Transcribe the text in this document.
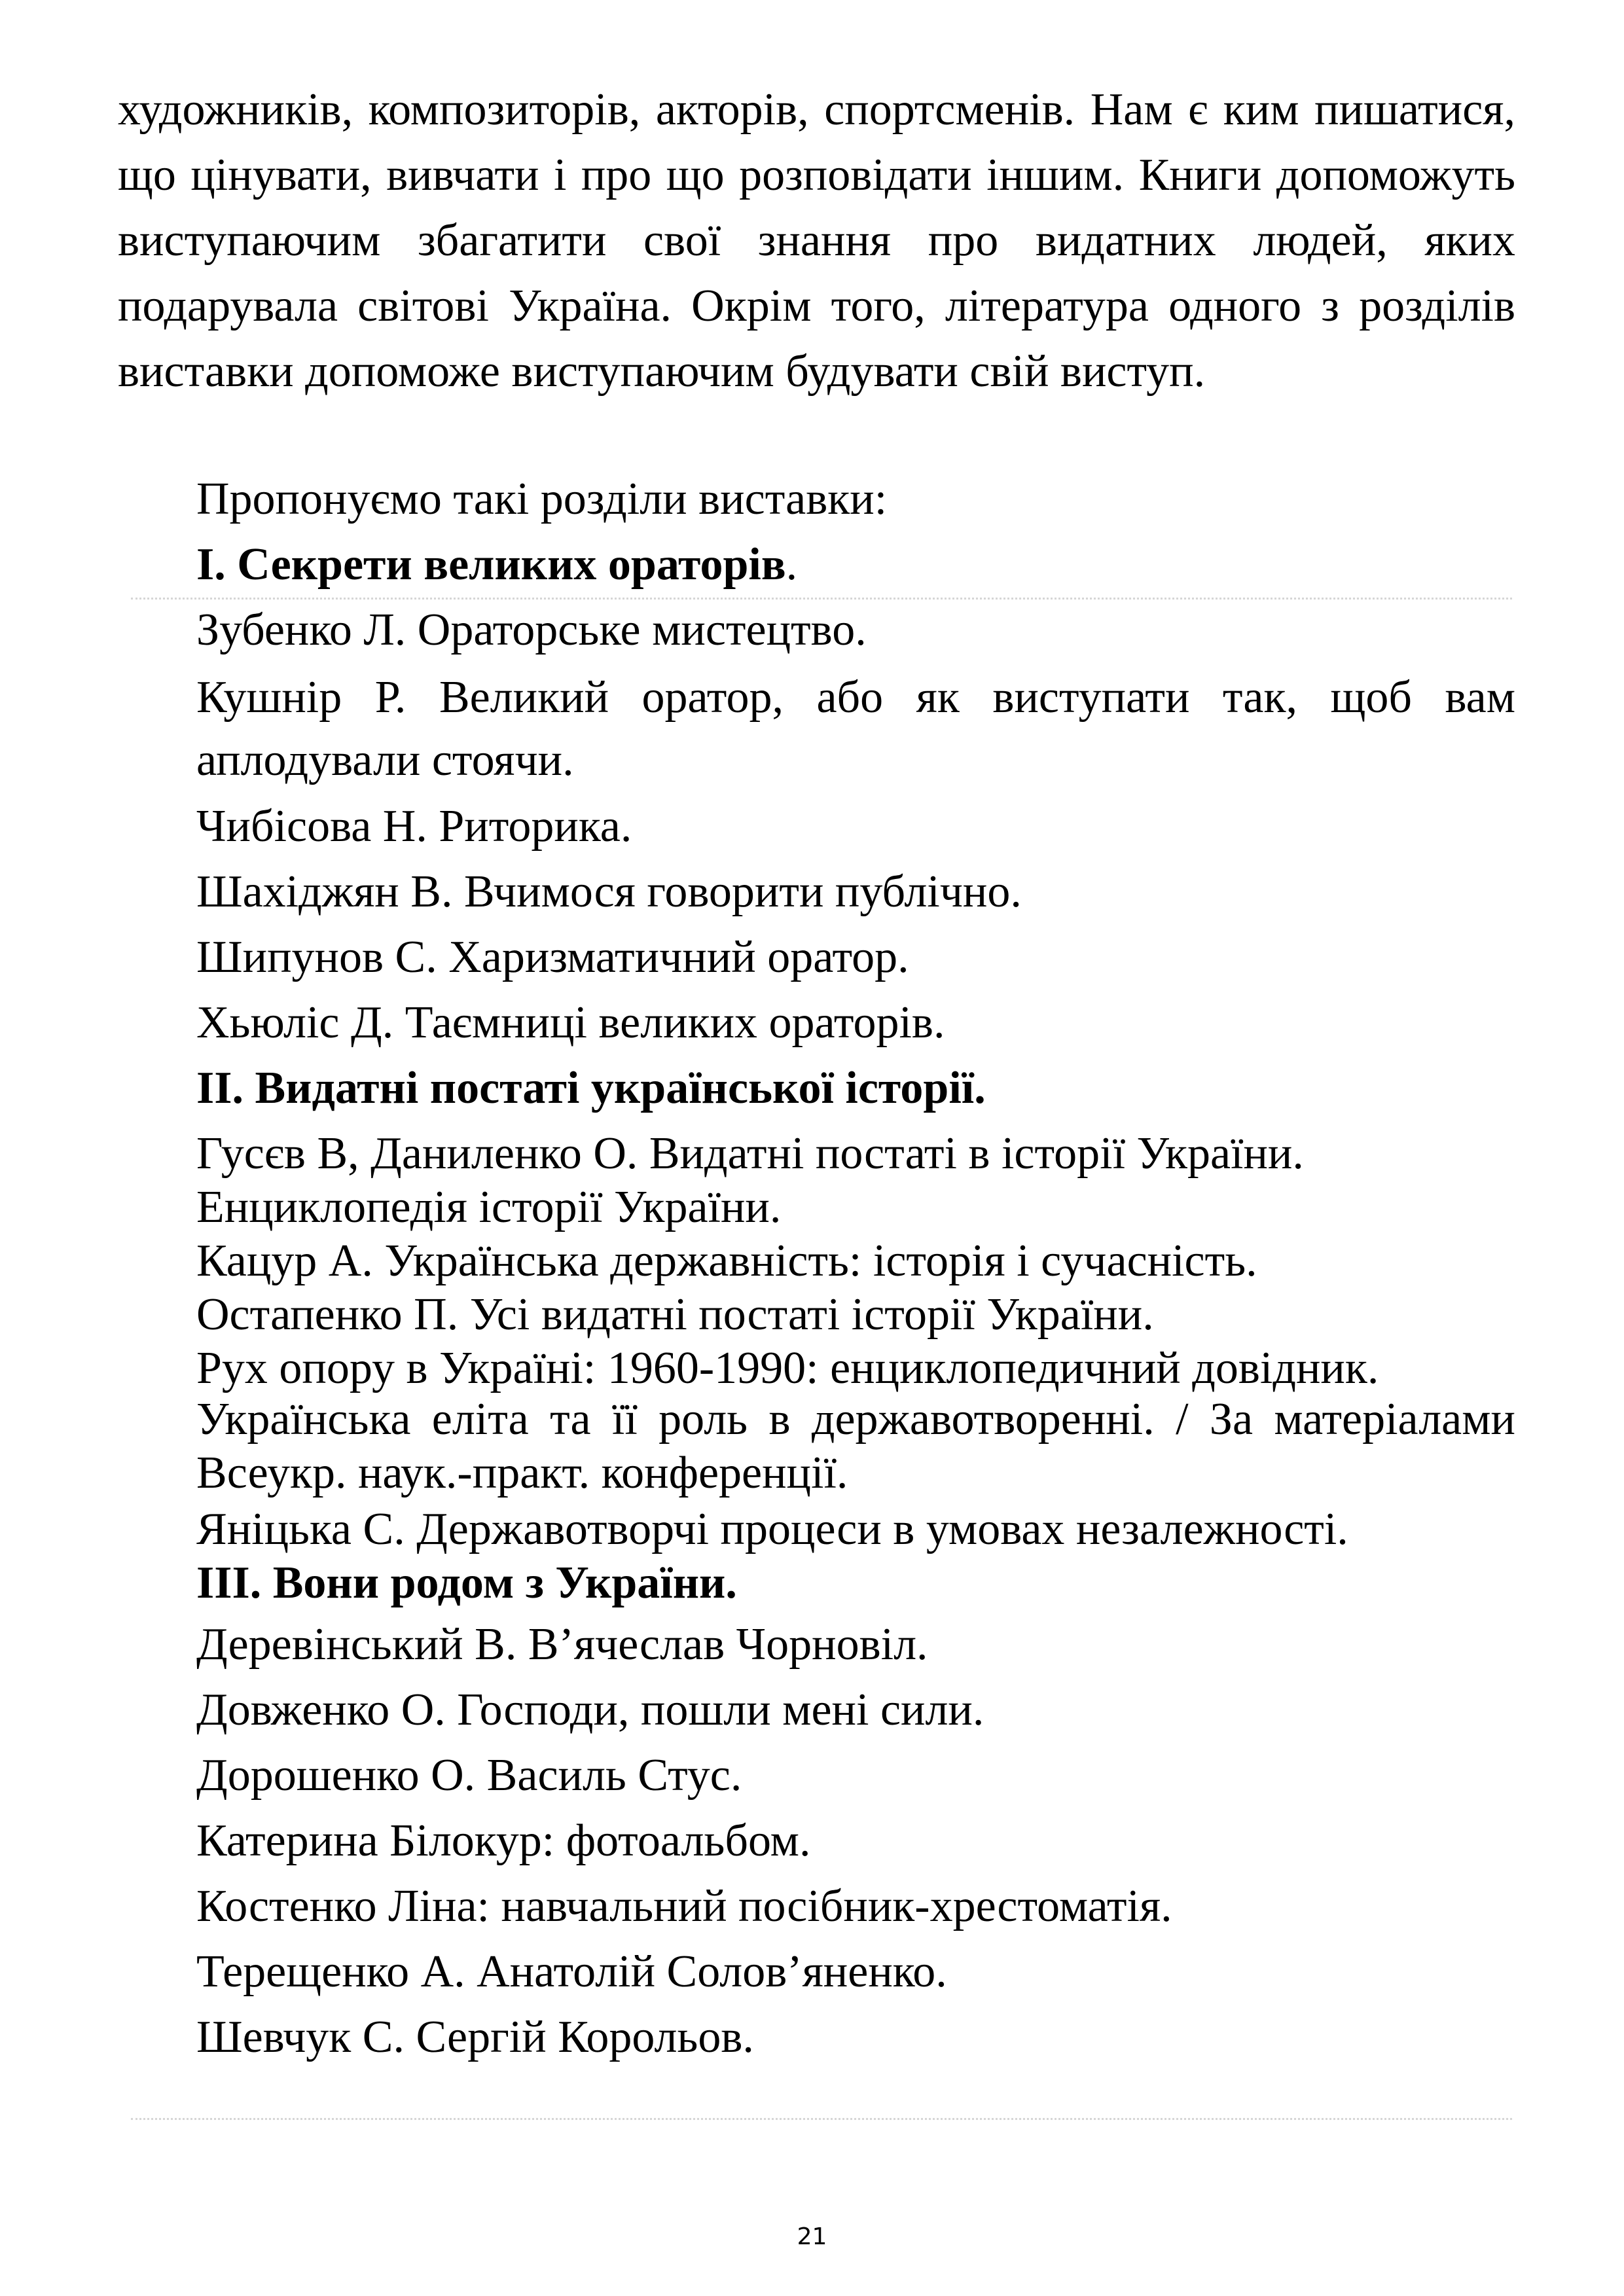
художників, композиторів, акторів, спортсменів. Нам є ким пишатися, що цінувати, вивчати і про що розповідати іншим. Книги допоможуть виступаючим збагатити свої знання про видатних людей, яких подарувала світові Україна. Окрім того, література одного з розділів виставки допоможе виступаючим будувати свій виступ.

Пропонуємо такі розділи виставки:
І. Секрети великих ораторів.
Зубенко Л. Ораторське мистецтво.
Кушнір Р. Великий оратор, або як виступати так, щоб вам аплодували стоячи.
Чибісова Н. Риторика.
Шахіджян В. Вчимося говорити публічно.
Шипунов С. Харизматичний оратор.
Хьюліс Д. Таємниці великих ораторів.
ІІ. Видатні постаті української історії.
Гусєв В, Даниленко О. Видатні постаті в історії України.
Енциклопедія історії України.
Кацур А. Українська державність: історія і сучасність.
Остапенко П. Усі видатні постаті історії України.
Рух опору в Україні: 1960-1990: енциклопедичний довідник.
Українська еліта та її роль в державотворенні. / За матеріалами Всеукр. наук.-практ. конференції.
Яніцька С. Державотворчі процеси в умовах незалежності.
ІІІ. Вони родом з України.
Деревінський В. В’ячеслав Чорновіл.
Довженко О. Господи, пошли мені сили.
Дорошенко О. Василь Стус.
Катерина Білокур: фотоальбом.
Костенко Ліна: навчальний посібник-хрестоматія.
Терещенко А. Анатолій Солов’яненко.
Шевчук С. Сергій Корольов.
21
